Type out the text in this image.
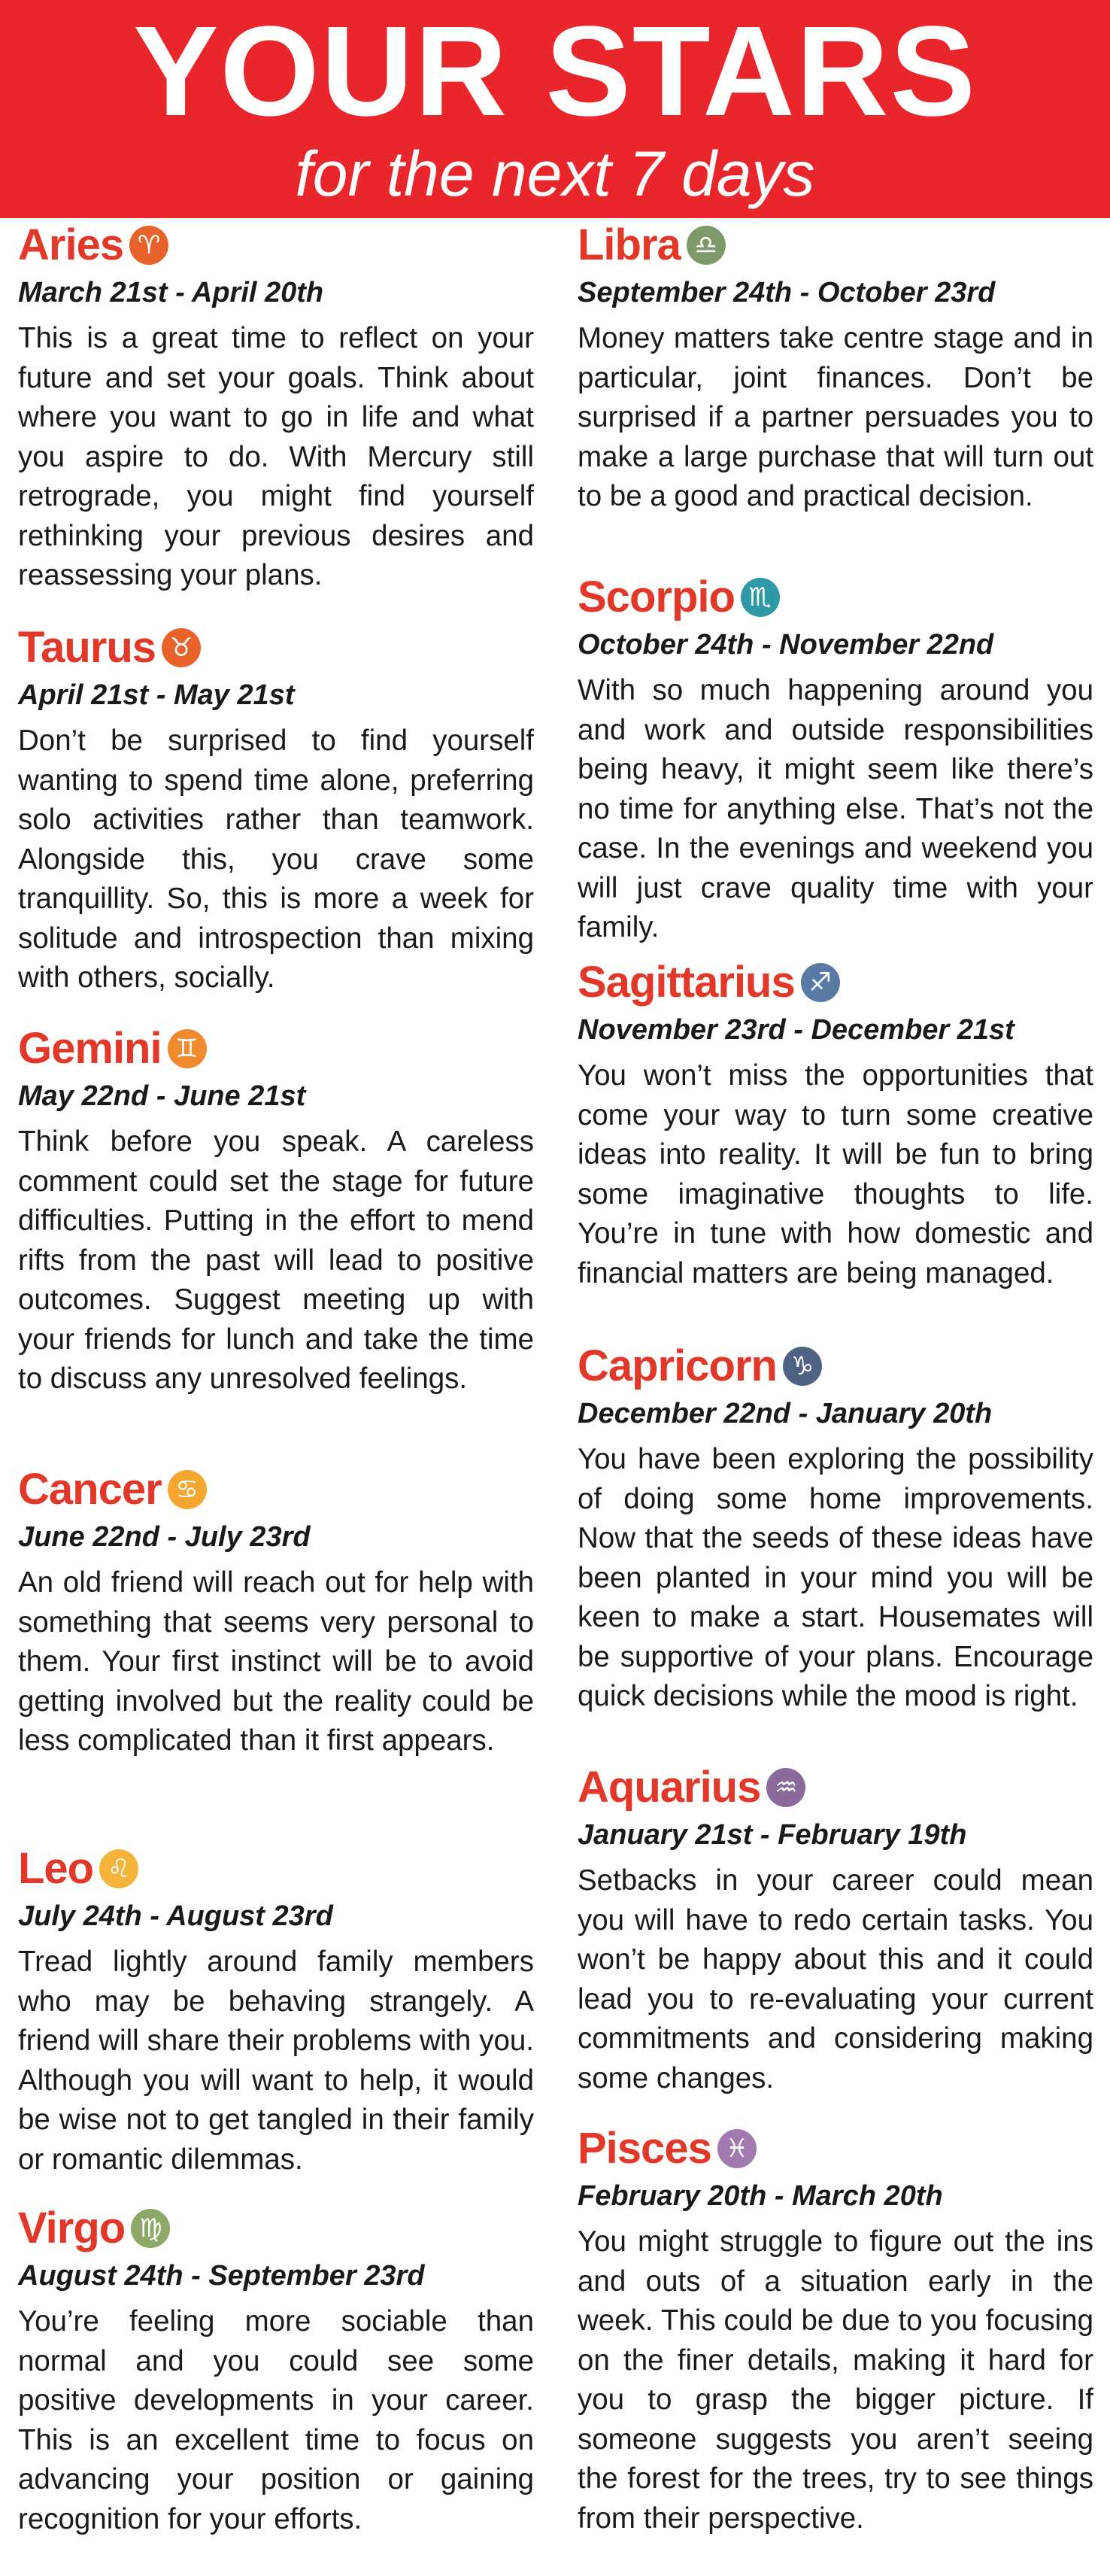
YOUR STARS
for the next 7 days
Aries ♈︎
March 21st - April 20th
This is a great time to reflect on your future and set your goals. Think about where you want to go in life and what you aspire to do. With Mercury still retrograde, you might find yourself rethinking your previous desires and reassessing your plans.
Taurus ♉︎
April 21st - May 21st
Don’t be surprised to find yourself wanting to spend time alone, preferring solo activities rather than teamwork. Alongside this, you crave some tranquillity. So, this is more a week for solitude and introspection than mixing with others, socially.
Gemini ♊︎
May 22nd - June 21st
Think before you speak. A careless comment could set the stage for future difficulties. Putting in the effort to mend rifts from the past will lead to positive outcomes. Suggest meeting up with your friends for lunch and take the time to discuss any unresolved feelings.
Cancer ♋︎
June 22nd - July 23rd
An old friend will reach out for help with something that seems very personal to them. Your first instinct will be to avoid getting involved but the reality could be less complicated than it first appears.
Leo ♌︎
July 24th - August 23rd
Tread lightly around family members who may be behaving strangely. A friend will share their problems with you. Although you will want to help, it would be wise not to get tangled in their family or romantic dilemmas.
Virgo ♍︎
August 24th - September 23rd
You’re feeling more sociable than normal and you could see some positive developments in your career. This is an excellent time to focus on advancing your position or gaining recognition for your efforts.
Libra ♎︎
September 24th - October 23rd
Money matters take centre stage and in particular, joint finances. Don’t be surprised if a partner persuades you to make a large purchase that will turn out to be a good and practical decision.
Scorpio ♏︎
October 24th - November 22nd
With so much happening around you and work and outside responsibilities being heavy, it might seem like there’s no time for anything else. That’s not the case. In the evenings and weekend you will just crave quality time with your family.
Sagittarius ♐︎
November 23rd - December 21st
You won’t miss the opportunities that come your way to turn some creative ideas into reality. It will be fun to bring some imaginative thoughts to life. You’re in tune with how domestic and financial matters are being managed.
Capricorn ♑︎
December 22nd - January 20th
You have been exploring the possibility of doing some home improvements. Now that the seeds of these ideas have been planted in your mind you will be keen to make a start. Housemates will be supportive of your plans. Encourage quick decisions while the mood is right.
Aquarius ♒︎
January 21st - February 19th
Setbacks in your career could mean you will have to redo certain tasks. You won’t be happy about this and it could lead you to re-evaluating your current commitments and considering making some changes.
Pisces ♓︎
February 20th - March 20th
You might struggle to figure out the ins and outs of a situation early in the week. This could be due to you focusing on the finer details, making it hard for you to grasp the bigger picture. If someone suggests you aren’t seeing the forest for the trees, try to see things from their perspective.
